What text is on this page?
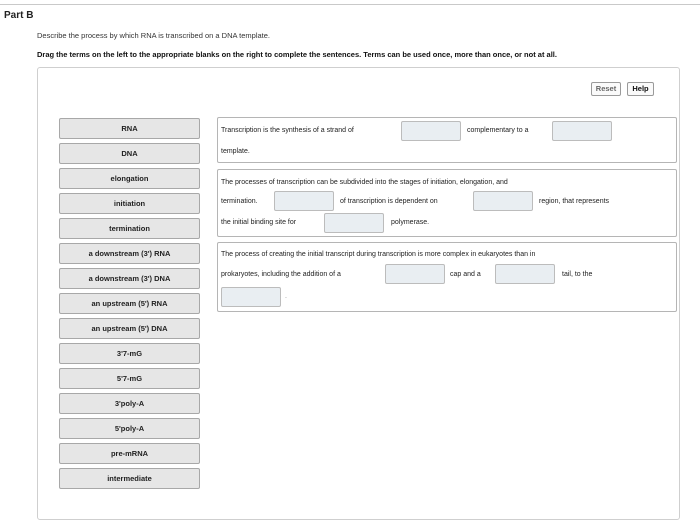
Part B
Describe the process by which RNA is transcribed on a DNA template.
Drag the terms on the left to the appropriate blanks on the right to complete the sentences. Terms can be used once, more than once, or not at all.
Reset	Help
RNA
DNA
elongation
initiation
termination
a downstream (3') RNA
a downstream (3') DNA
an upstream (5') RNA
an upstream (5') DNA
3'7-mG
5'7-mG
3'poly-A
5'poly-A
pre-mRNA
intermediate
Transcription is the synthesis of a strand of	complementary to a
template.
The processes of transcription can be subdivided into the stages of initiation, elongation, and
termination.	of transcription is dependent on	region, that represents
the initial binding site for	polymerase.
The process of creating the initial transcript during transcription is more complex in eukaryotes than in
prokaryotes, including the addition of a	cap and a	tail, to the
.
